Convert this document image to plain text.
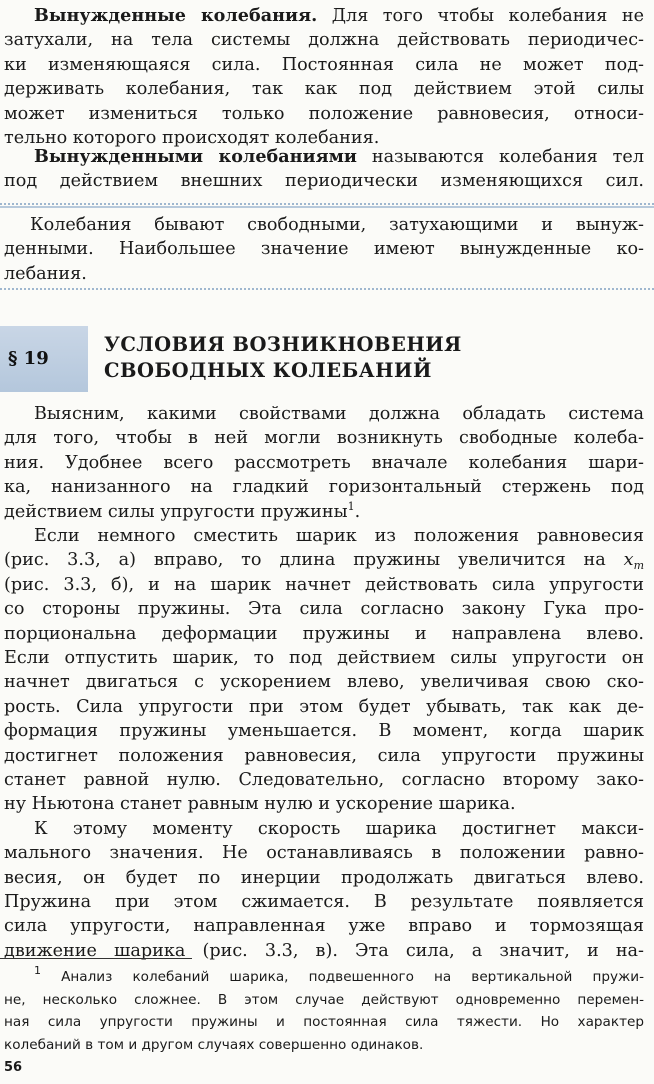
Вынужденные колебания. Для того чтобы колебания не
затухали, на тела системы должна действовать периодичес-
ки изменяющаяся сила. Постоянная сила не может под-
держивать колебания, так как под действием этой силы
может измениться только положение равновесия, относи-
тельно которого происходят колебания.
Вынужденными колебаниями называются колебания тел
под действием внешних периодически изменяющихся сил.
Колебания бывают свободными, затухающими и вынуж-
денными. Наибольшее значение имеют вынужденные ко-
лебания.
§ 19
УСЛОВИЯ ВОЗНИКНОВЕНИЯ
СВОБОДНЫХ КОЛЕБАНИЙ
Выясним, какими свойствами должна обладать система
для того, чтобы в ней могли возникнуть свободные колеба-
ния. Удобнее всего рассмотреть вначале колебания шари-
ка, нанизанного на гладкий горизонтальный стержень под
действием силы упругости пружины$^1$.
Если немного сместить шарик из положения равновесия
(рис. 3.3, а) вправо, то длина пружины увеличится на $x_m$
(рис. 3.3, б), и на шарик начнет действовать сила упругости
со стороны пружины. Эта сила согласно закону Гука про-
порциональна деформации пружины и направлена влево.
Если отпустить шарик, то под действием силы упругости он
начнет двигаться с ускорением влево, увеличивая свою ско-
рость. Сила упругости при этом будет убывать, так как де-
формация пружины уменьшается. В момент, когда шарик
достигнет положения равновесия, сила упругости пружины
станет равной нулю. Следовательно, согласно второму зако-
ну Ньютона станет равным нулю и ускорение шарика.
К этому моменту скорость шарика достигнет макси-
мального значения. Не останавливаясь в положении равно-
весия, он будет по инерции продолжать двигаться влево.
Пружина при этом сжимается. В результате появляется
сила упругости, направленная уже вправо и тормозящая
движение шарика (рис. 3.3, в). Эта сила, а значит, и на-
$^1$ Анализ колебаний шарика, подвешенного на вертикальной пружи-
не, несколько сложнее. В этом случае действуют одновременно перемен-
ная сила упругости пружины и постоянная сила тяжести. Но характер
колебаний в том и другом случаях совершенно одинаков.
56
